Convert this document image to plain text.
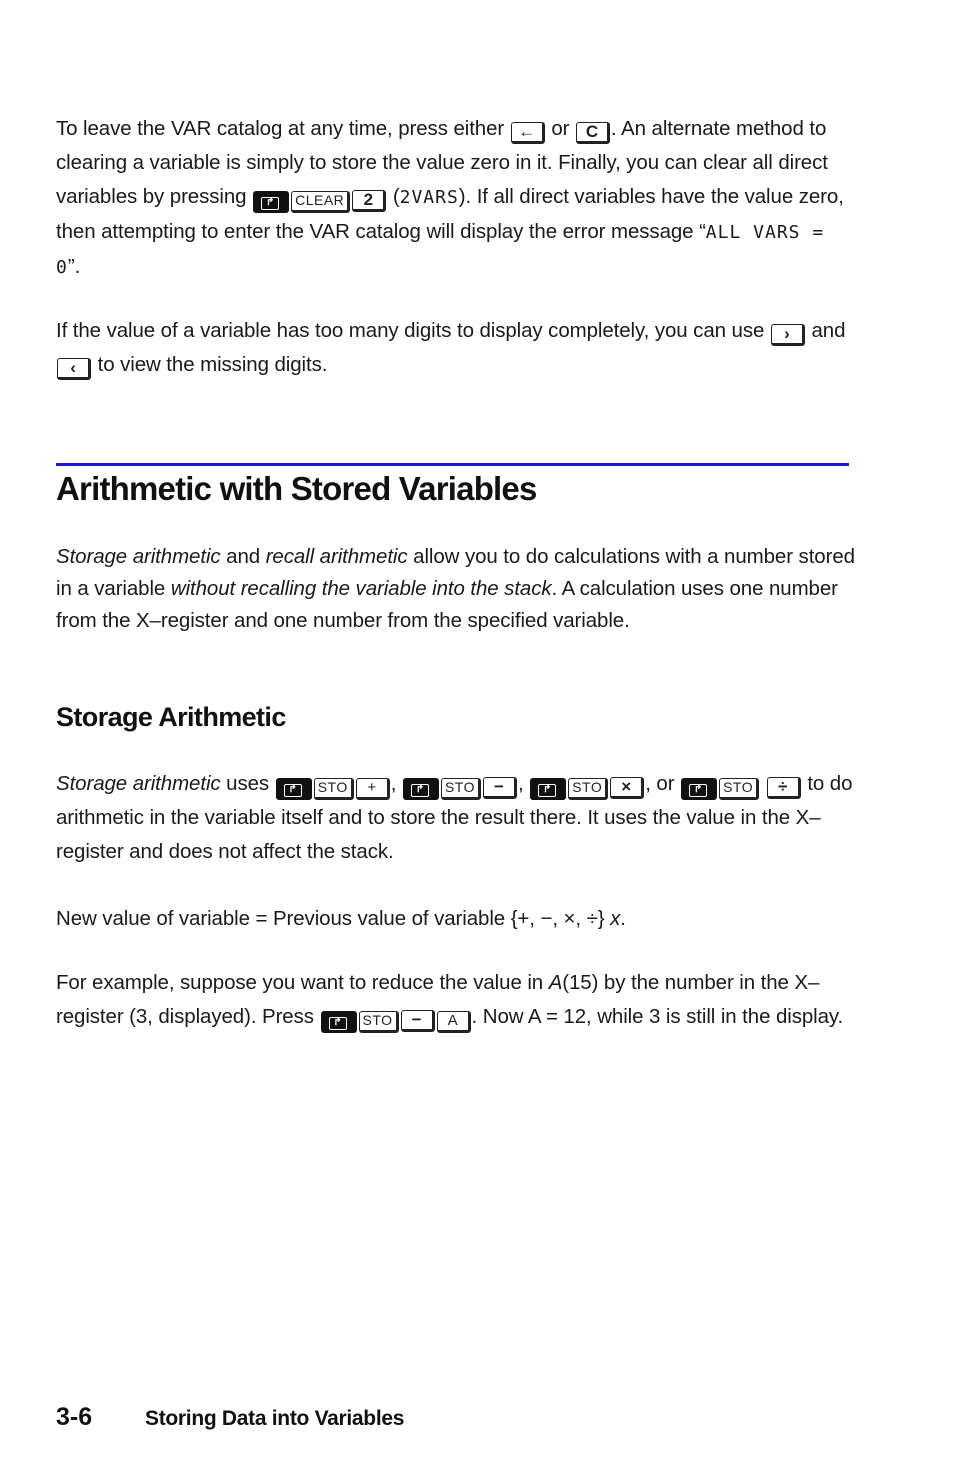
To leave the VAR catalog at any time, press either ← or C . An alternate method to clearing a variable is simply to store the value zero in it. Finally, you can clear all direct variables by pressing ↱ CLEAR 2 (2VARS). If all direct variables have the value zero, then attempting to enter the VAR catalog will display the error message “ALL VARS = 0”.
If the value of a variable has too many digits to display completely, you can use › and ‹ to view the missing digits.
Arithmetic with Stored Variables
Storage arithmetic and recall arithmetic allow you to do calculations with a number stored in a variable without recalling the variable into the stack. A calculation uses one number from the X–register and one number from the specified variable.
Storage Arithmetic
Storage arithmetic uses ↱ STO + , ↱ STO − , ↱ STO × , or ↱ STO ÷ to do arithmetic in the variable itself and to store the result there. It uses the value in the X–register and does not affect the stack.
New value of variable = Previous value of variable {+, −, ×, ÷} x.
For example, suppose you want to reduce the value in A(15) by the number in the X–register (3, displayed). Press ↱ STO − A . Now A = 12, while 3 is still in the display.
3-6	Storing Data into Variables
